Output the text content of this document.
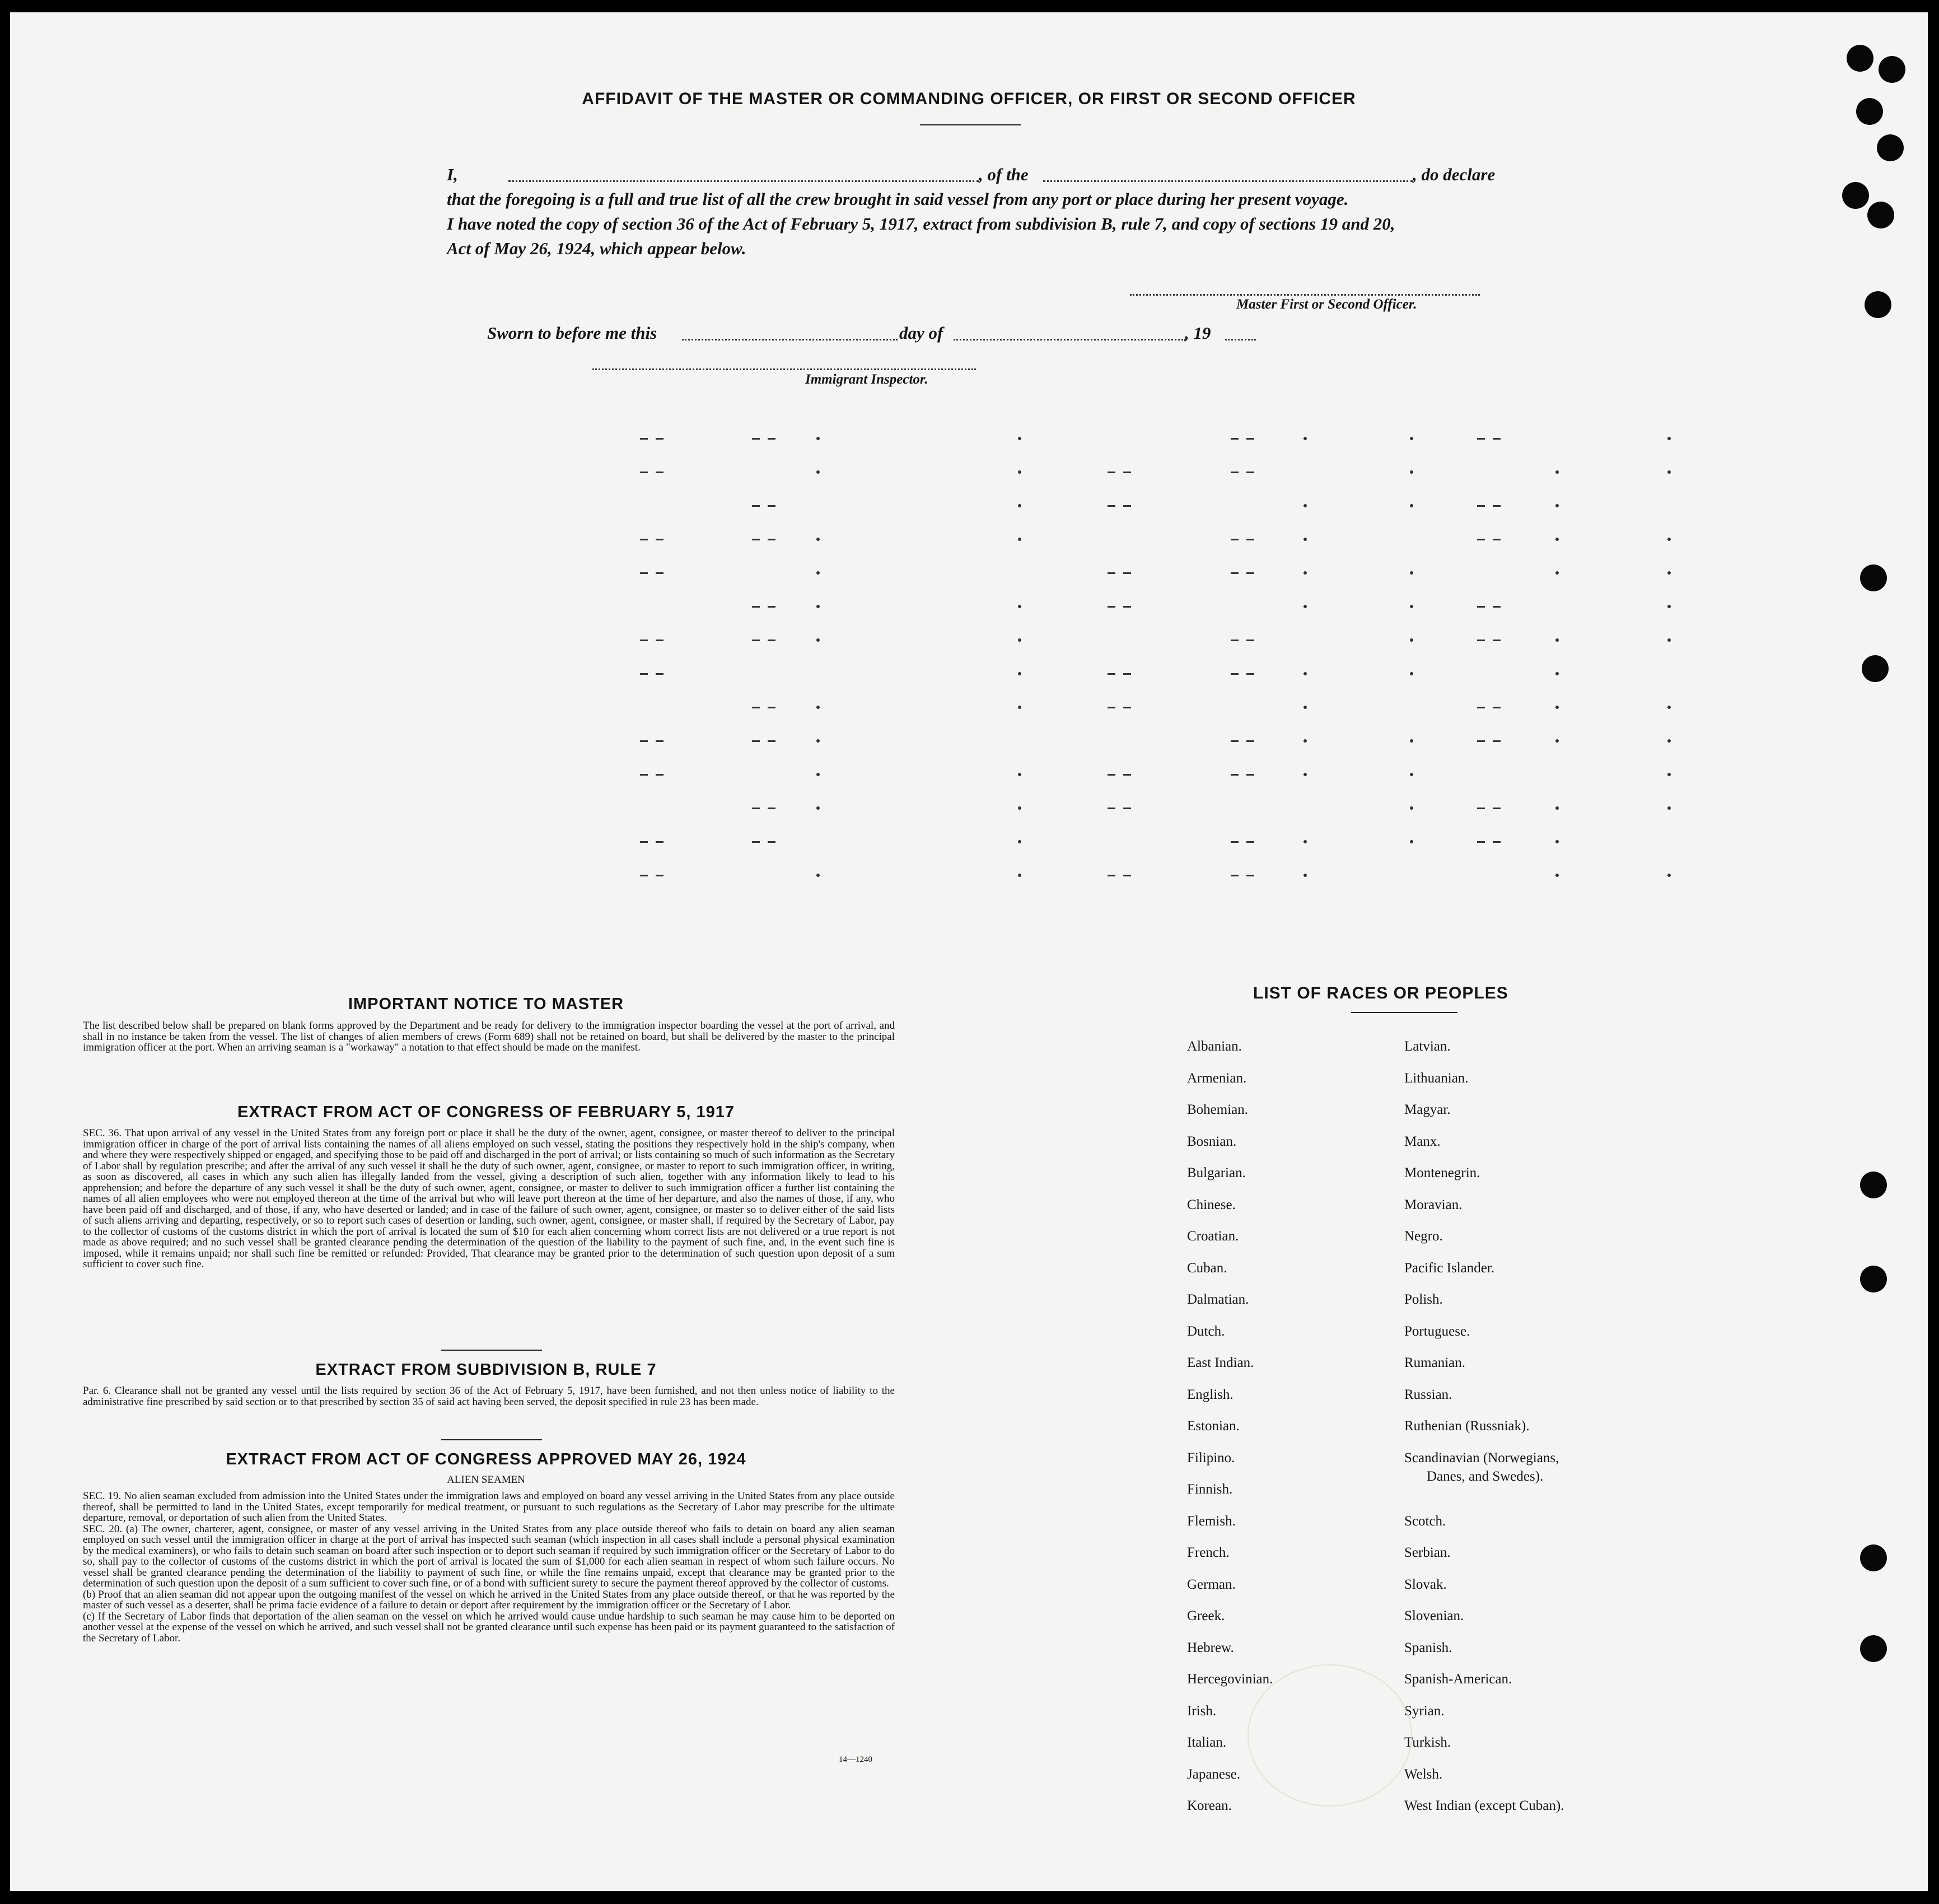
AFFIDAVIT OF THE MASTER OR COMMANDING OFFICER, OR FIRST OR SECOND OFFICER
I,	, of the	, do declare
that the foregoing is a full and true list of all the crew brought in said vessel from any port or place during her present voyage.
I have noted the copy of section 36 of the Act of February 5, 1917, extract from subdivision B, rule 7, and copy of sections 19 and 20,
Act of May 26, 1924, which appear below.
Master First or Second Officer.
Sworn to before me this	day of	, 19
Immigrant Inspector.
IMPORTANT NOTICE TO MASTER
The list described below shall be prepared on blank forms approved by the Department and be ready for delivery to the immigration inspector boarding the vessel at the port of arrival, and shall in no instance be taken from the vessel. The list of changes of alien members of crews (Form 689) shall not be retained on board, but shall be delivered by the master to the principal immigration officer at the port. When an arriving seaman is a "workaway" a notation to that effect should be made on the manifest.
EXTRACT FROM ACT OF CONGRESS OF FEBRUARY 5, 1917
SEC. 36. That upon arrival of any vessel in the United States from any foreign port or place it shall be the duty of the owner, agent, consignee, or master thereof to deliver to the principal immigration officer in charge of the port of arrival lists containing the names of all aliens employed on such vessel, stating the positions they respectively hold in the ship's company, when and where they were respectively shipped or engaged, and specifying those to be paid off and discharged in the port of arrival; or lists containing so much of such information as the Secretary of Labor shall by regulation prescribe; and after the arrival of any such vessel it shall be the duty of such owner, agent, consignee, or master to report to such immigration officer, in writing, as soon as discovered, all cases in which any such alien has illegally landed from the vessel, giving a description of such alien, together with any information likely to lead to his apprehension; and before the departure of any such vessel it shall be the duty of such owner, agent, consignee, or master to deliver to such immigration officer a further list containing the names of all alien employees who were not employed thereon at the time of the arrival but who will leave port thereon at the time of her departure, and also the names of those, if any, who have been paid off and discharged, and of those, if any, who have deserted or landed; and in case of the failure of such owner, agent, consignee, or master so to deliver either of the said lists of such aliens arriving and departing, respectively, or so to report such cases of desertion or landing, such owner, agent, consignee, or master shall, if required by the Secretary of Labor, pay to the collector of customs of the customs district in which the port of arrival is located the sum of $10 for each alien concerning whom correct lists are not delivered or a true report is not made as above required; and no such vessel shall be granted clearance pending the determination of the question of the liability to the payment of such fine, and, in the event such fine is imposed, while it remains unpaid; nor shall such fine be remitted or refunded: Provided, That clearance may be granted prior to the determination of such question upon deposit of a sum sufficient to cover such fine.
EXTRACT FROM SUBDIVISION B, RULE 7
Par. 6. Clearance shall not be granted any vessel until the lists required by section 36 of the Act of February 5, 1917, have been furnished, and not then unless notice of liability to the administrative fine prescribed by said section or to that prescribed by section 35 of said act having been served, the deposit specified in rule 23 has been made.
EXTRACT FROM ACT OF CONGRESS APPROVED MAY 26, 1924
ALIEN SEAMEN

SEC. 19. No alien seaman excluded from admission into the United States under the immigration laws and employed on board any vessel arriving in the United States from any place outside thereof, shall be permitted to land in the United States, except temporarily for medical treatment, or pursuant to such regulations as the Secretary of Labor may prescribe for the ultimate departure, removal, or deportation of such alien from the United States.

SEC. 20. (a) The owner, charterer, agent, consignee, or master of any vessel arriving in the United States from any place outside thereof who fails to detain on board any alien seaman employed on such vessel until the immigration officer in charge at the port of arrival has inspected such seaman (which inspection in all cases shall include a personal physical examination by the medical examiners), or who fails to detain such seaman on board after such inspection or to deport such seaman if required by such immigration officer or the Secretary of Labor to do so, shall pay to the collector of customs of the customs district in which the port of arrival is located the sum of $1,000 for each alien seaman in respect of whom such failure occurs. No vessel shall be granted clearance pending the determination of the liability to payment of such fine, or while the fine remains unpaid, except that clearance may be granted prior to the determination of such question upon the deposit of a sum sufficient to cover such fine, or of a bond with sufficient surety to secure the payment thereof approved by the collector of customs.

(b) Proof that an alien seaman did not appear upon the outgoing manifest of the vessel on which he arrived in the United States from any place outside thereof, or that he was reported by the master of such vessel as a deserter, shall be prima facie evidence of a failure to detain or deport after requirement by the immigration officer or the Secretary of Labor.

(c) If the Secretary of Labor finds that deportation of the alien seaman on the vessel on which he arrived would cause undue hardship to such seaman he may cause him to be deported on another vessel at the expense of the vessel on which he arrived, and such vessel shall not be granted clearance until such expense has been paid or its payment guaranteed to the satisfaction of the Secretary of Labor.

14—1240
LIST OF RACES OR PEOPLES
Albanian.
Armenian.
Bohemian.
Bosnian.
Bulgarian.
Chinese.
Croatian.
Cuban.
Dalmatian.
Dutch.
East Indian.
English.
Estonian.
Filipino.
Finnish.
Flemish.
French.
German.
Greek.
Hebrew.
Hercegovinian.
Irish.
Italian.
Japanese.
Korean.
Latvian.
Lithuanian.
Magyar.
Manx.
Montenegrin.
Moravian.
Negro.
Pacific Islander.
Polish.
Portuguese.
Rumanian.
Russian.
Ruthenian (Russniak).
Scandinavian (Norwegians,
Danes, and Swedes).
Scotch.
Serbian.
Slovak.
Slovenian.
Spanish.
Spanish-American.
Syrian.
Turkish.
Welsh.
West Indian (except Cuban).
